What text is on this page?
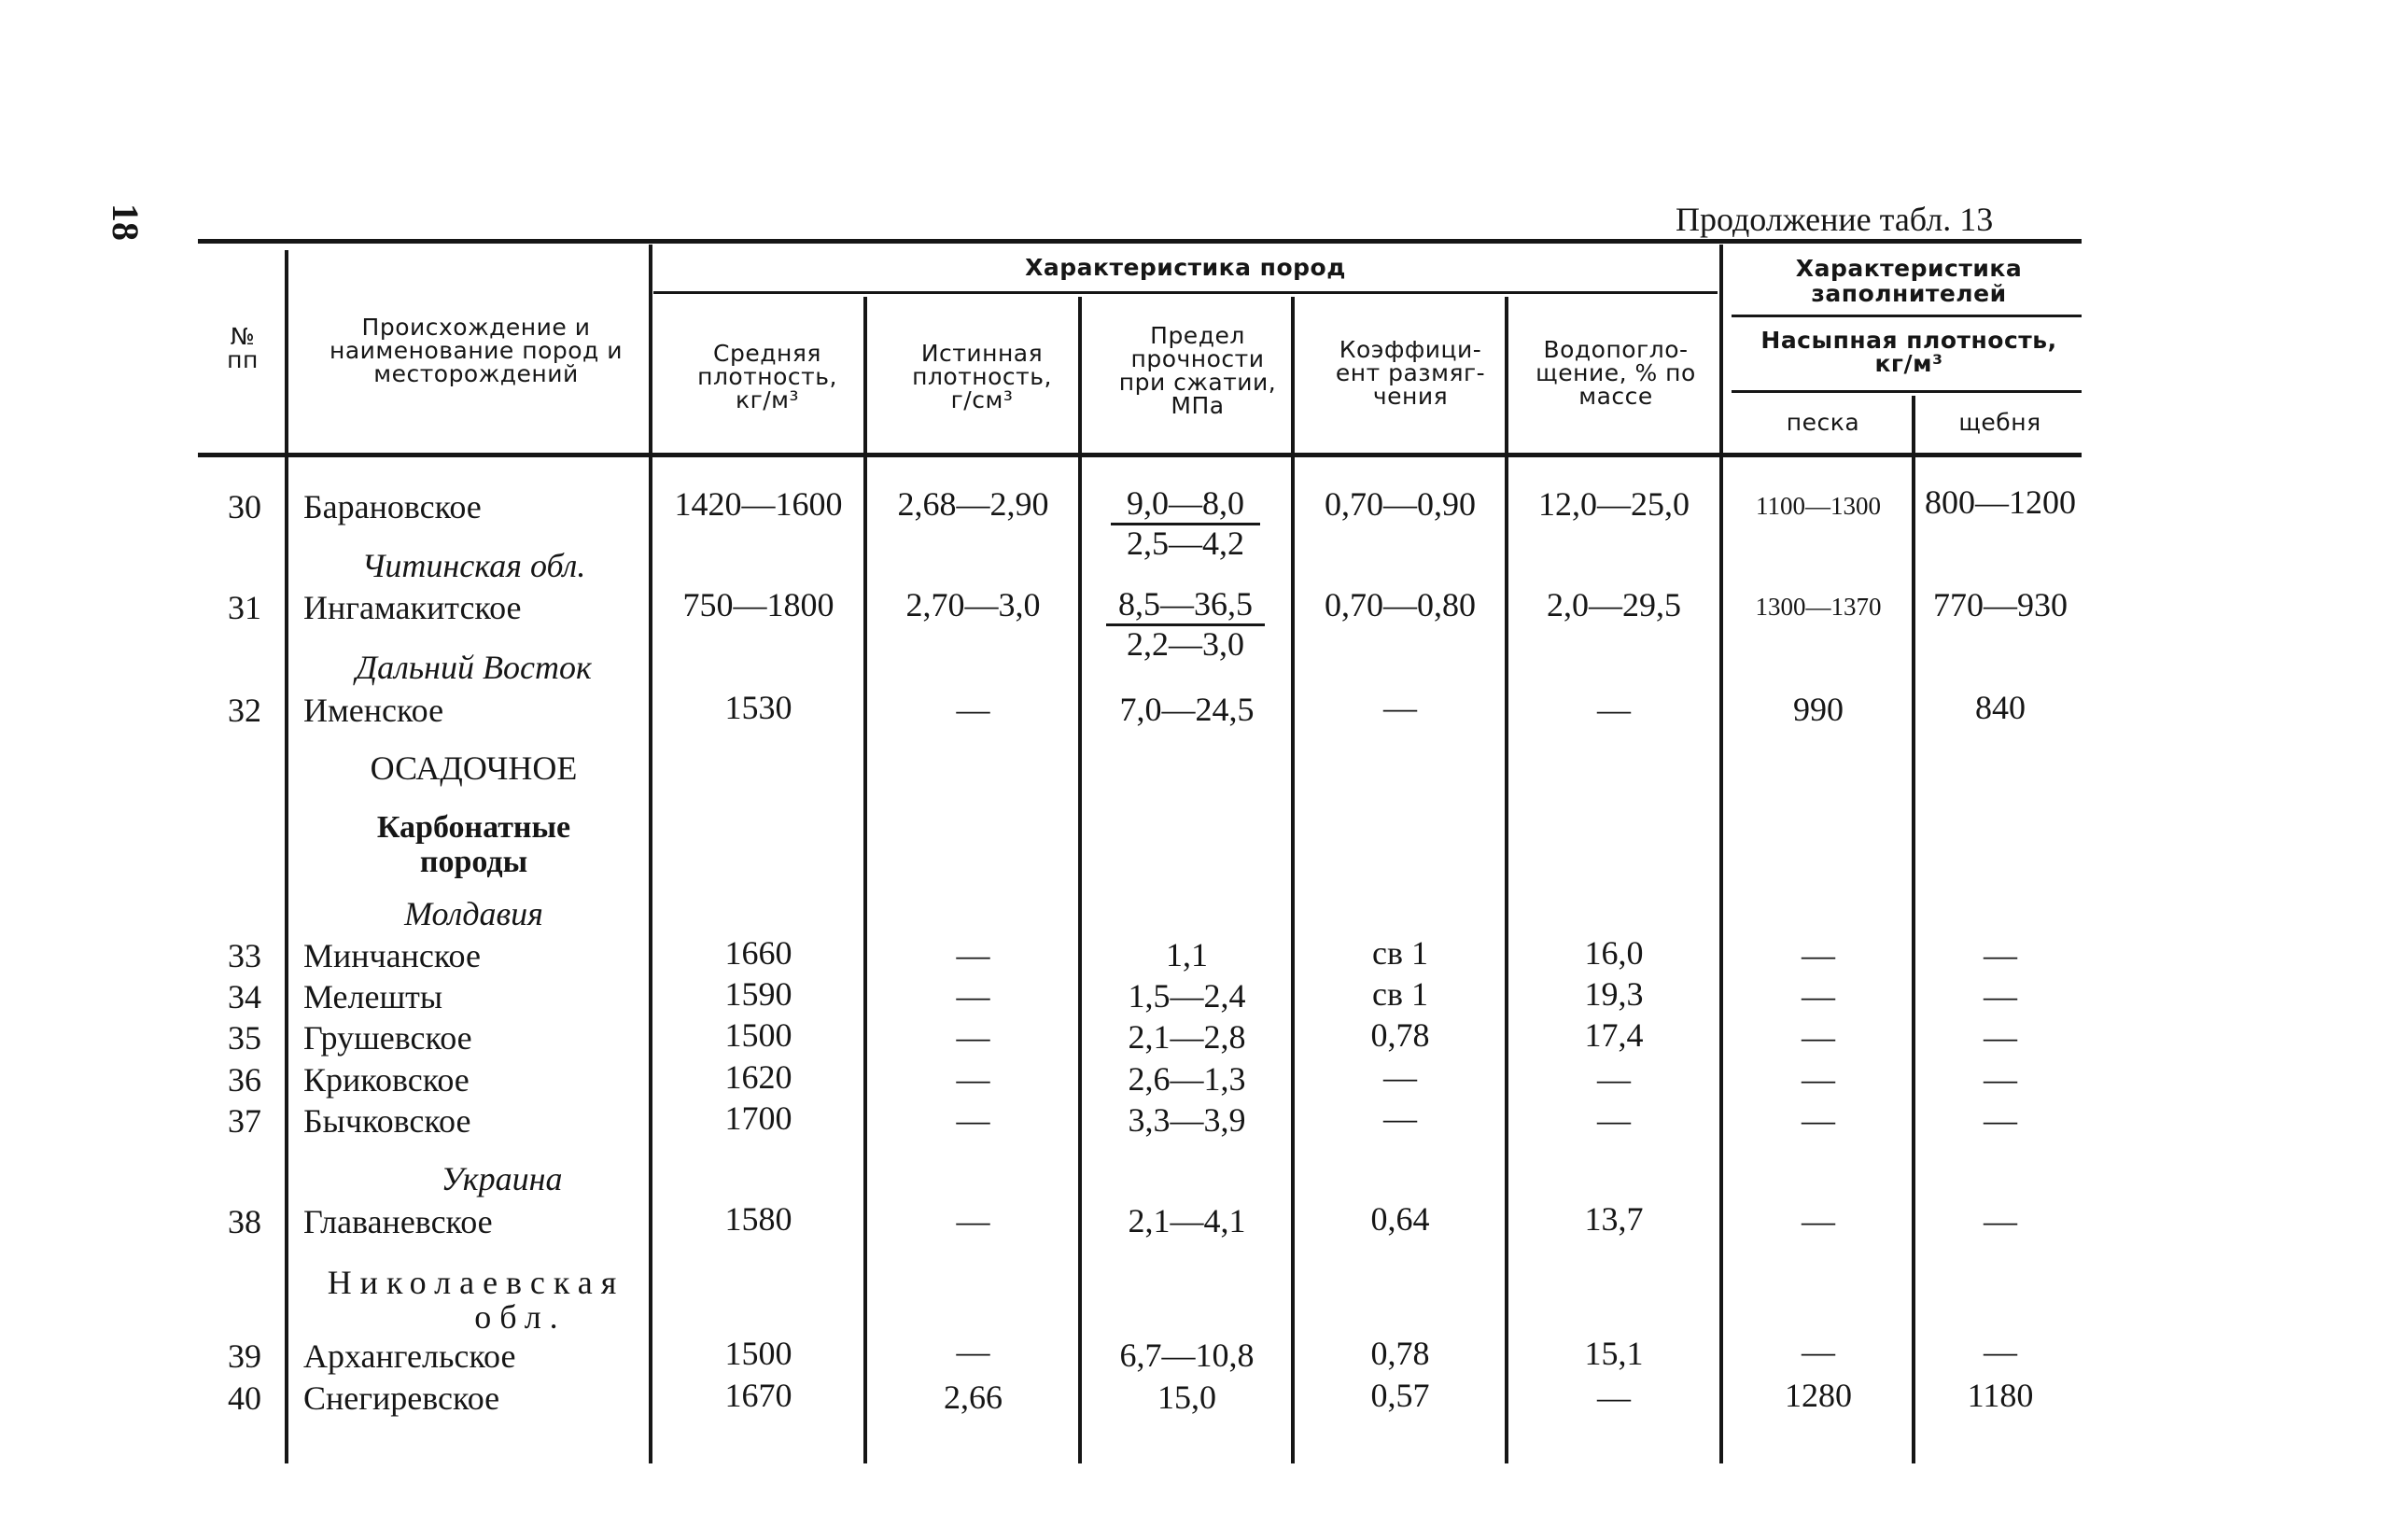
18	Продолжение табл. 13
№ пп
Происхождение и наименование пород и месторождений
Характеристика пород	Характеристика заполнителей
Средняя плотность, кг/м³
Истинная плотность, г/см³
Предел прочности при сжатии, МПа
Коэффици-ент размяг-чения
Водопогло-щение, % по массе
Насыпная плотность, кг/м³
песка	щебня
30 Барановское	1420—1600	2,68—2,90	$\frac{9,0—8,0}{2,5—4,2}$	0,70—0,90	12,0—25,0	1100—1300	800—1200
Читинская обл.
31 Ингамакитское	750—1800	2,70—3,0	$\frac{8,5—36,5}{2,2—3,0}$	0,70—0,80	2,0—29,5	1300—1370	770—930
Дальний Восток
32 Именское	1530	—	7,0—24,5	—	—	990	840
ОСАДОЧНОЕ
Карбонатные
породы
Молдавия
33 Минчанское	1660	—	1,1	св 1	16,0	—	—
34 Мелешты	1590	—	1,5—2,4	св 1	19,3	—	—
35 Грушевское	1500	—	2,1—2,8	0,78	17,4	—	—
36 Криковское	1620	—	2,6—1,3	—	—	—	—
37 Бычковское	1700	—	3,3—3,9	—	—	—	—
Украина
38 Главаневское	1580	—	2,1—4,1	0,64	13,7	—	—
Николаевская
обл.
39 Архангельское	1500	—	6,7—10,8	0,78	15,1	—	—
40 Снегиревское	1670	2,66	15,0	0,57	—	1280	1180
